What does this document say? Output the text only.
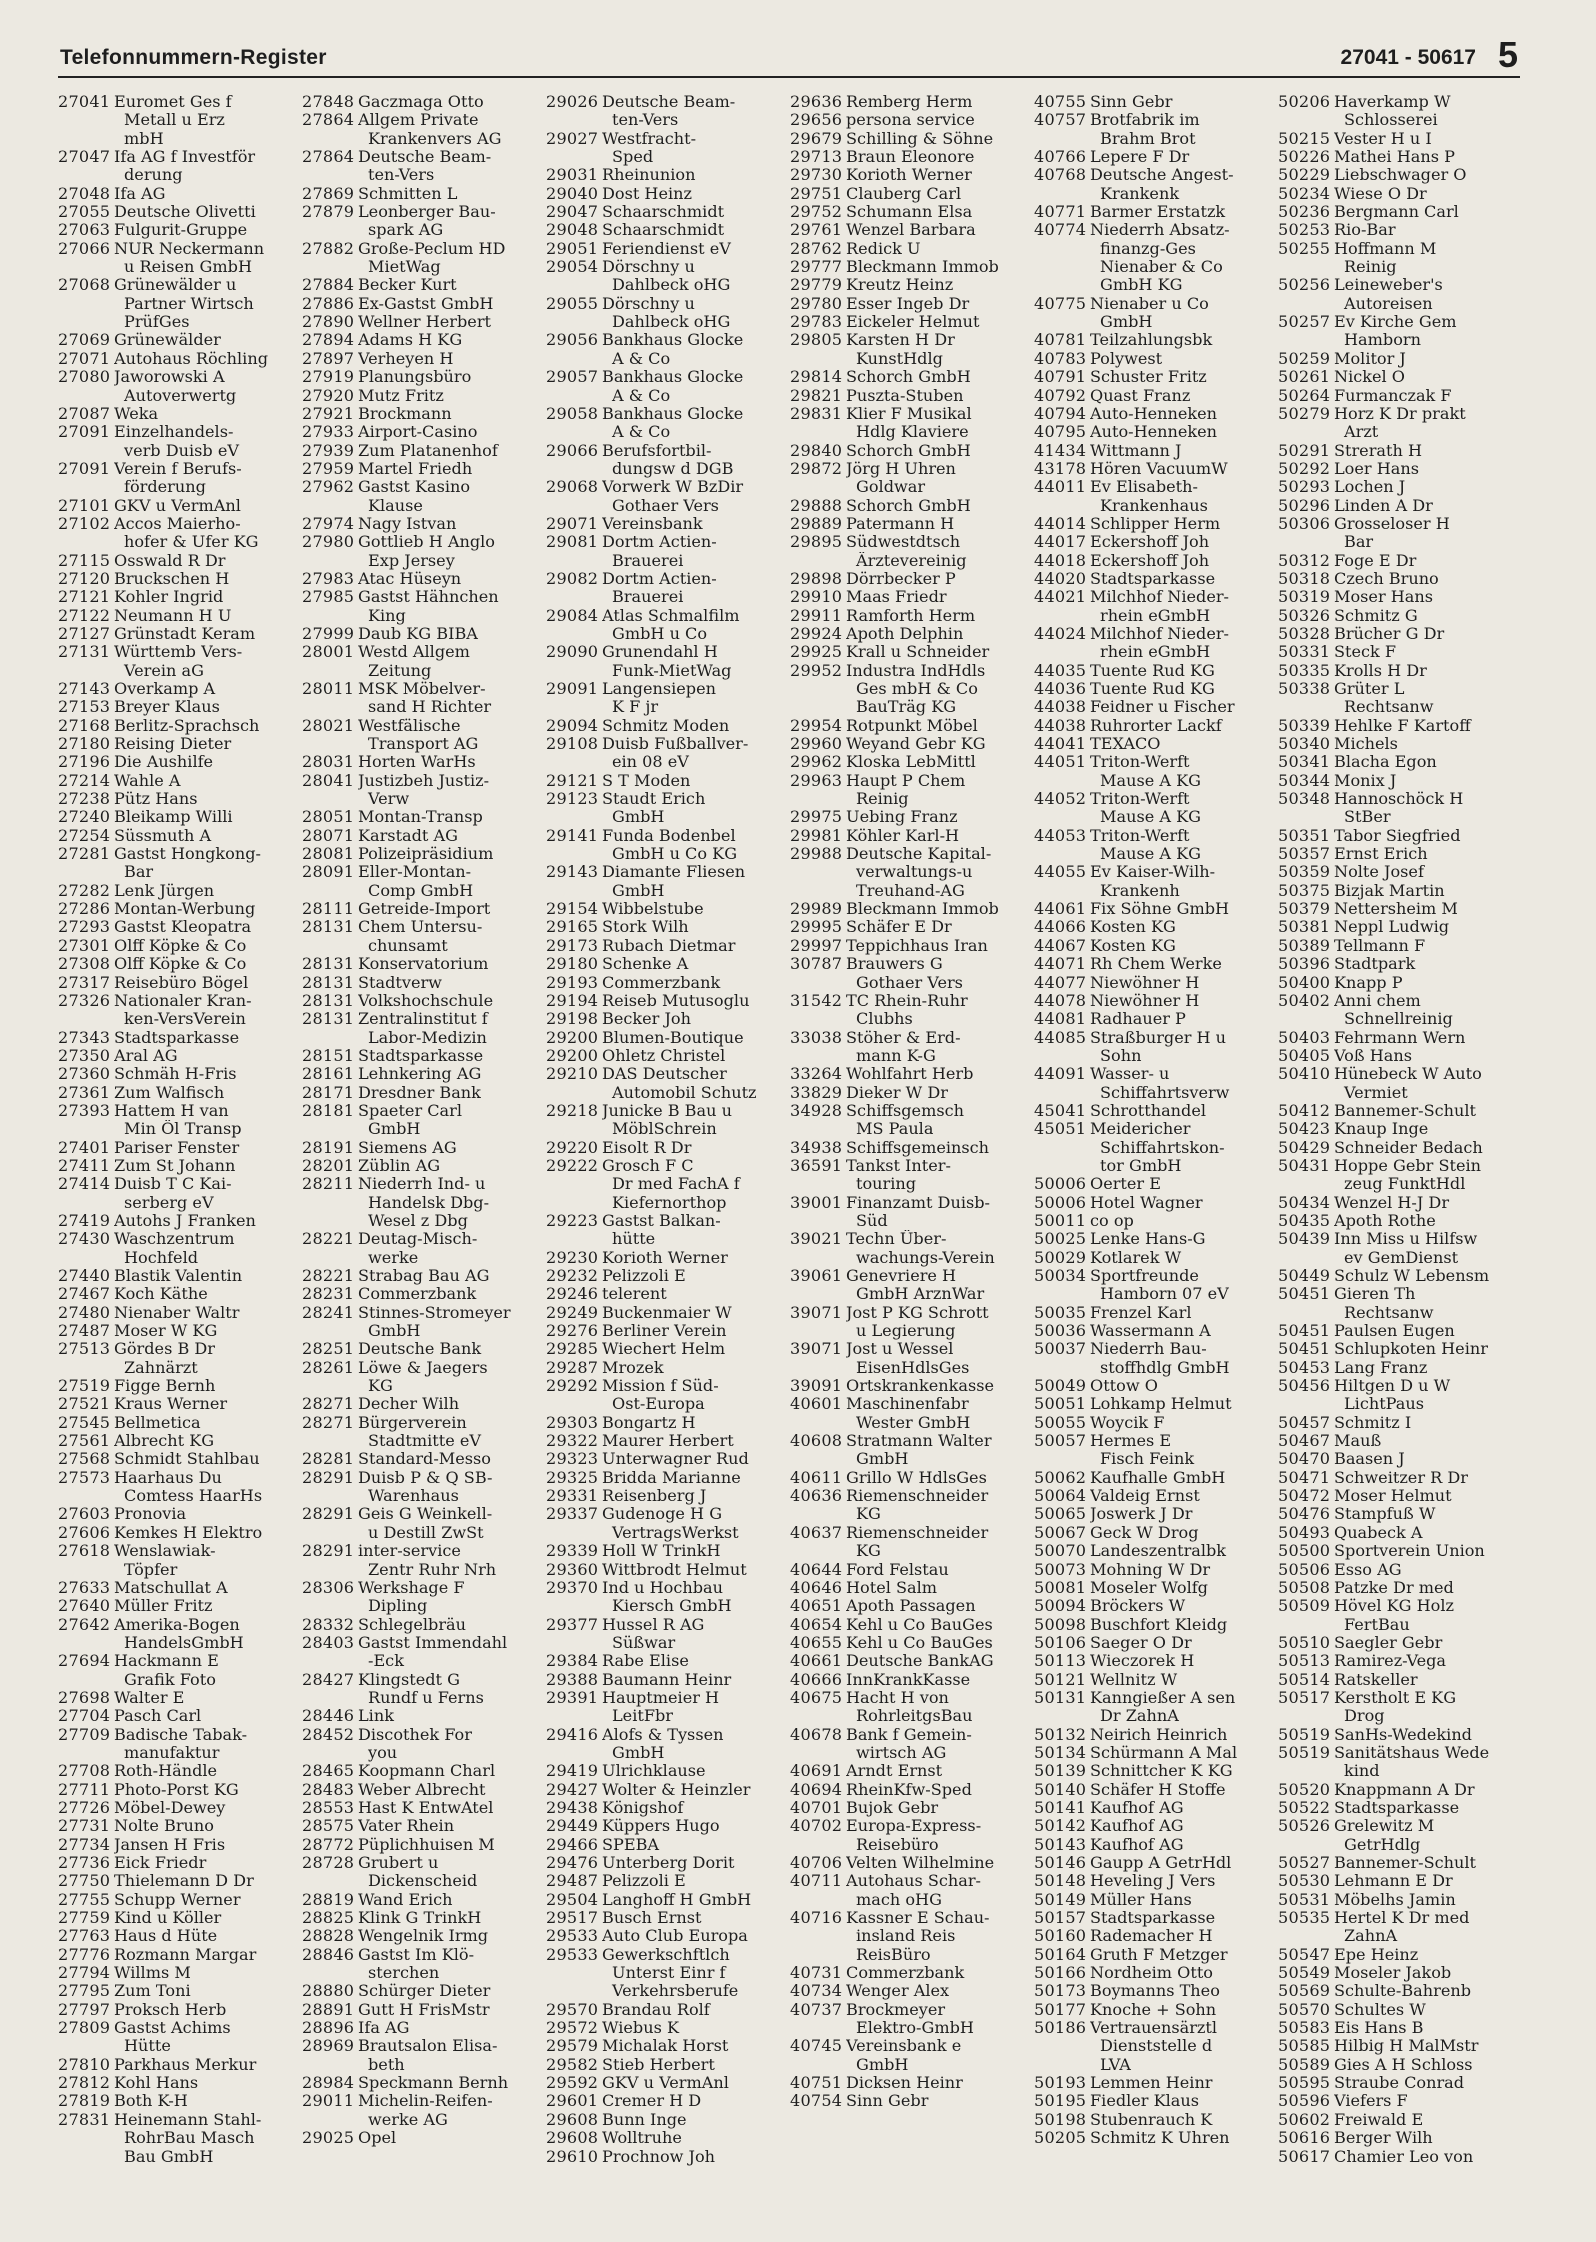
Telefonnummern-Register	27041 - 50617 5
27041 Euromet Ges f
Metall u Erz
mbH
27047 Ifa AG f Investför
derung
27048 Ifa AG
27055 Deutsche Olivetti
27063 Fulgurit-Gruppe
27066 NUR Neckermann
u Reisen GmbH
27068 Grünewälder u
Partner Wirtsch
PrüfGes
27069 Grünewälder
27071 Autohaus Röchling
27080 Jaworowski A
Autoverwertg
27087 Weka
27091 Einzelhandels-
verb Duisb eV
27091 Verein f Berufs-
förderung
27101 GKV u VermAnl
27102 Accos Maierho-
hofer & Ufer KG
27115 Osswald R Dr
27120 Bruckschen H
27121 Kohler Ingrid
27122 Neumann H U
27127 Grünstadt Keram
27131 Württemb Vers-
Verein aG
27143 Overkamp A
27153 Breyer Klaus
27168 Berlitz-Sprachsch
27180 Reising Dieter
27196 Die Aushilfe
27214 Wahle A
27238 Pütz Hans
27240 Bleikamp Willi
27254 Süssmuth A
27281 Gastst Hongkong-
Bar
27282 Lenk Jürgen
27286 Montan-Werbung
27293 Gastst Kleopatra
27301 Olff Köpke & Co
27308 Olff Köpke & Co
27317 Reisebüro Bögel
27326 Nationaler Kran-
ken-VersVerein
27343 Stadtsparkasse
27350 Aral AG
27360 Schmäh H-Fris
27361 Zum Walfisch
27393 Hattem H van
Min Öl Transp
27401 Pariser Fenster
27411 Zum St Johann
27414 Duisb T C Kai-
serberg eV
27419 Autohs J Franken
27430 Waschzentrum
Hochfeld
27440 Blastik Valentin
27467 Koch Käthe
27480 Nienaber Waltr
27487 Moser W KG
27513 Gördes B Dr
Zahnärzt
27519 Figge Bernh
27521 Kraus Werner
27545 Bellmetica
27561 Albrecht KG
27568 Schmidt Stahlbau
27573 Haarhaus Du
Comtess HaarHs
27603 Pronovia
27606 Kemkes H Elektro
27618 Wenslawiak-
Töpfer
27633 Matschullat A
27640 Müller Fritz
27642 Amerika-Bogen
HandelsGmbH
27694 Hackmann E
Grafik Foto
27698 Walter E
27704 Pasch Carl
27709 Badische Tabak-
manufaktur
27708 Roth-Händle
27711 Photo-Porst KG
27726 Möbel-Dewey
27731 Nolte Bruno
27734 Jansen H Fris
27736 Eick Friedr
27750 Thielemann D Dr
27755 Schupp Werner
27759 Kind u Köller
27763 Haus d Hüte
27776 Rozmann Margar
27794 Willms M
27795 Zum Toni
27797 Proksch Herb
27809 Gastst Achims
Hütte
27810 Parkhaus Merkur
27812 Kohl Hans
27819 Both K-H
27831 Heinemann Stahl-
RohrBau Masch
Bau GmbH
27848 Gaczmaga Otto
27864 Allgem Private
Krankenvers AG
27864 Deutsche Beam-
ten-Vers
27869 Schmitten L
27879 Leonberger Bau-
spark AG
27882 Große-Peclum HD
MietWag
27884 Becker Kurt
27886 Ex-Gastst GmbH
27890 Wellner Herbert
27894 Adams H KG
27897 Verheyen H
27919 Planungsbüro
27920 Mutz Fritz
27921 Brockmann
27933 Airport-Casino
27939 Zum Platanenhof
27959 Martel Friedh
27962 Gastst Kasino
Klause
27974 Nagy Istvan
27980 Gottlieb H Anglo
Exp Jersey
27983 Atac Hüseyn
27985 Gastst Hähnchen
King
27999 Daub KG BIBA
28001 Westd Allgem
Zeitung
28011 MSK Möbelver-
sand H Richter
28021 Westfälische
Transport AG
28031 Horten WarHs
28041 Justizbeh Justiz-
Verw
28051 Montan-Transp
28071 Karstadt AG
28081 Polizeipräsidium
28091 Eller-Montan-
Comp GmbH
28111 Getreide-Import
28131 Chem Untersu-
chunsamt
28131 Konservatorium
28131 Stadtverw
28131 Volkshochschule
28131 Zentralinstitut f
Labor-Medizin
28151 Stadtsparkasse
28161 Lehnkering AG
28171 Dresdner Bank
28181 Spaeter Carl
GmbH
28191 Siemens AG
28201 Züblin AG
28211 Niederrh Ind- u
Handelsk Dbg-
Wesel z Dbg
28221 Deutag-Misch-
werke
28221 Strabag Bau AG
28231 Commerzbank
28241 Stinnes-Stromeyer
GmbH
28251 Deutsche Bank
28261 Löwe & Jaegers
KG
28271 Decher Wilh
28271 Bürgerverein
Stadtmitte eV
28281 Standard-Messo
28291 Duisb P & Q SB-
Warenhaus
28291 Geis G Weinkell-
u Destill ZwSt
28291 inter-service
Zentr Ruhr Nrh
28306 Werkshage F
Dipling
28332 Schlegelbräu
28403 Gastst Immendahl
-Eck
28427 Klingstedt G
Rundf u Ferns
28446 Link
28452 Discothek For
you
28465 Koopmann Charl
28483 Weber Albrecht
28553 Hast K EntwAtel
28575 Vater Rhein
28772 Püplichhuisen M
28728 Grubert u
Dickenscheid
28819 Wand Erich
28825 Klink G TrinkH
28828 Wengelnik Irmg
28846 Gastst Im Klö-
sterchen
28880 Schürger Dieter
28891 Gutt H FrisMstr
28896 Ifa AG
28969 Brautsalon Elisa-
beth
28984 Speckmann Bernh
29011 Michelin-Reifen-
werke AG
29025 Opel
29026 Deutsche Beam-
ten-Vers
29027 Westfracht-
Sped
29031 Rheinunion
29040 Dost Heinz
29047 Schaarschmidt
29048 Schaarschmidt
29051 Feriendienst eV
29054 Dörschny u
Dahlbeck oHG
29055 Dörschny u
Dahlbeck oHG
29056 Bankhaus Glocke
A & Co
29057 Bankhaus Glocke
A & Co
29058 Bankhaus Glocke
A & Co
29066 Berufsfortbil-
dungsw d DGB
29068 Vorwerk W BzDir
Gothaer Vers
29071 Vereinsbank
29081 Dortm Actien-
Brauerei
29082 Dortm Actien-
Brauerei
29084 Atlas Schmalfilm
GmbH u Co
29090 Grunendahl H
Funk-MietWag
29091 Langensiepen
K F jr
29094 Schmitz Moden
29108 Duisb Fußballver-
ein 08 eV
29121 S T Moden
29123 Staudt Erich
GmbH
29141 Funda Bodenbel
GmbH u Co KG
29143 Diamante Fliesen
GmbH
29154 Wibbelstube
29165 Stork Wilh
29173 Rubach Dietmar
29180 Schenke A
29193 Commerzbank
29194 Reiseb Mutusoglu
29198 Becker Joh
29200 Blumen-Boutique
29200 Ohletz Christel
29210 DAS Deutscher
Automobil Schutz
29218 Junicke B Bau u
MöblSchrein
29220 Eisolt R Dr
29222 Grosch F C
Dr med FachA f
Kiefernorthop
29223 Gastst Balkan-
hütte
29230 Korioth Werner
29232 Pelizzoli E
29246 telerent
29249 Buckenmaier W
29276 Berliner Verein
29285 Wiechert Helm
29287 Mrozek
29292 Mission f Süd-
Ost-Europa
29303 Bongartz H
29322 Maurer Herbert
29323 Unterwagner Rud
29325 Bridda Marianne
29331 Reisenberg J
29337 Gudenoge H G
VertragsWerkst
29339 Holl W TrinkH
29360 Wittbrodt Helmut
29370 Ind u Hochbau
Kiersch GmbH
29377 Hussel R AG
Süßwar
29384 Rabe Elise
29388 Baumann Heinr
29391 Hauptmeier H
LeitFbr
29416 Alofs & Tyssen
GmbH
29419 Ulrichklause
29427 Wolter & Heinzler
29438 Königshof
29449 Küppers Hugo
29466 SPEBA
29476 Unterberg Dorit
29487 Pelizzoli E
29504 Langhoff H GmbH
29517 Busch Ernst
29533 Auto Club Europa
29533 Gewerkschftlch
Unterst Einr f
Verkehrsberufe
29570 Brandau Rolf
29572 Wiebus K
29579 Michalak Horst
29582 Stieb Herbert
29592 GKV u VermAnl
29601 Cremer H D
29608 Bunn Inge
29608 Wolltruhe
29610 Prochnow Joh
29636 Remberg Herm
29656 persona service
29679 Schilling & Söhne
29713 Braun Eleonore
29730 Korioth Werner
29751 Clauberg Carl
29752 Schumann Elsa
29761 Wenzel Barbara
28762 Redick U
29777 Bleckmann Immob
29779 Kreutz Heinz
29780 Esser Ingeb Dr
29783 Eickeler Helmut
29805 Karsten H Dr
KunstHdlg
29814 Schorch GmbH
29821 Puszta-Stuben
29831 Klier F Musikal
Hdlg Klaviere
29840 Schorch GmbH
29872 Jörg H Uhren
Goldwar
29888 Schorch GmbH
29889 Patermann H
29895 Südwestdtsch
Ärztevereinig
29898 Dörrbecker P
29910 Maas Friedr
29911 Ramforth Herm
29924 Apoth Delphin
29925 Krall u Schneider
29952 Industra IndHdls
Ges mbH & Co
BauTräg KG
29954 Rotpunkt Möbel
29960 Weyand Gebr KG
29962 Kloska LebMittl
29963 Haupt P Chem
Reinig
29975 Uebing Franz
29981 Köhler Karl-H
29988 Deutsche Kapital-
verwaltungs-u
Treuhand-AG
29989 Bleckmann Immob
29995 Schäfer E Dr
29997 Teppichhaus Iran
30787 Brauwers G
Gothaer Vers
31542 TC Rhein-Ruhr
Clubhs
33038 Stöher & Erd-
mann K-G
33264 Wohlfahrt Herb
33829 Dieker W Dr
34928 Schiffsgemsch
MS Paula
34938 Schiffsgemeinsch
36591 Tankst Inter-
touring
39001 Finanzamt Duisb-
Süd
39021 Techn Über-
wachungs-Verein
39061 Genevriere H
GmbH ArznWar
39071 Jost P KG Schrott
u Legierung
39071 Jost u Wessel
EisenHdlsGes
39091 Ortskrankenkasse
40601 Maschinenfabr
Wester GmbH
40608 Stratmann Walter
GmbH
40611 Grillo W HdlsGes
40636 Riemenschneider
KG
40637 Riemenschneider
KG
40644 Ford Felstau
40646 Hotel Salm
40651 Apoth Passagen
40654 Kehl u Co BauGes
40655 Kehl u Co BauGes
40661 Deutsche BankAG
40666 InnKrankKasse
40675 Hacht H von
RohrleitgsBau
40678 Bank f Gemein-
wirtsch AG
40691 Arndt Ernst
40694 RheinKfw-Sped
40701 Bujok Gebr
40702 Europa-Express-
Reisebüro
40706 Velten Wilhelmine
40711 Autohaus Schar-
mach oHG
40716 Kassner E Schau-
insland Reis
ReisBüro
40731 Commerzbank
40734 Wenger Alex
40737 Brockmeyer
Elektro-GmbH
40745 Vereinsbank e
GmbH
40751 Dicksen Heinr
40754 Sinn Gebr
40755 Sinn Gebr
40757 Brotfabrik im
Brahm Brot
40766 Lepere F Dr
40768 Deutsche Angest-
Krankenk
40771 Barmer Erstatzk
40774 Niederrh Absatz-
finanzg-Ges
Nienaber & Co
GmbH KG
40775 Nienaber u Co
GmbH
40781 Teilzahlungsbk
40783 Polywest
40791 Schuster Fritz
40792 Quast Franz
40794 Auto-Henneken
40795 Auto-Henneken
41434 Wittmann J
43178 Hören VacuumW
44011 Ev Elisabeth-
Krankenhaus
44014 Schlipper Herm
44017 Eckershoff Joh
44018 Eckershoff Joh
44020 Stadtsparkasse
44021 Milchhof Nieder-
rhein eGmbH
44024 Milchhof Nieder-
rhein eGmbH
44035 Tuente Rud KG
44036 Tuente Rud KG
44038 Feidner u Fischer
44038 Ruhrorter Lackf
44041 TEXACO
44051 Triton-Werft
Mause A KG
44052 Triton-Werft
Mause A KG
44053 Triton-Werft
Mause A KG
44055 Ev Kaiser-Wilh-
Krankenh
44061 Fix Söhne GmbH
44066 Kosten KG
44067 Kosten KG
44071 Rh Chem Werke
44077 Niewöhner H
44078 Niewöhner H
44081 Radhauer P
44085 Straßburger H u
Sohn
44091 Wasser- u
Schiffahrtsverw
45041 Schrotthandel
45051 Meidericher
Schiffahrtskon-
tor GmbH
50006 Oerter E
50006 Hotel Wagner
50011 co op
50025 Lenke Hans-G
50029 Kotlarek W
50034 Sportfreunde
Hamborn 07 eV
50035 Frenzel Karl
50036 Wassermann A
50037 Niederrh Bau-
stoffhdlg GmbH
50049 Ottow O
50051 Lohkamp Helmut
50055 Woycik F
50057 Hermes E
Fisch Feink
50062 Kaufhalle GmbH
50064 Valdeig Ernst
50065 Joswerk J Dr
50067 Geck W Drog
50070 Landeszentralbk
50073 Mohning W Dr
50081 Moseler Wolfg
50094 Bröckers W
50098 Buschfort Kleidg
50106 Saeger O Dr
50113 Wieczorek H
50121 Wellnitz W
50131 Kanngießer A sen
Dr ZahnA
50132 Neirich Heinrich
50134 Schürmann A Mal
50139 Schnittcher K KG
50140 Schäfer H Stoffe
50141 Kaufhof AG
50142 Kaufhof AG
50143 Kaufhof AG
50146 Gaupp A GetrHdl
50148 Heveling J Vers
50149 Müller Hans
50157 Stadtsparkasse
50160 Rademacher H
50164 Gruth F Metzger
50166 Nordheim Otto
50173 Boymanns Theo
50177 Knoche + Sohn
50186 Vertrauensärztl
Dienststelle d
LVA
50193 Lemmen Heinr
50195 Fiedler Klaus
50198 Stubenrauch K
50205 Schmitz K Uhren
50206 Haverkamp W
Schlosserei
50215 Vester H u I
50226 Mathei Hans P
50229 Liebschwager O
50234 Wiese O Dr
50236 Bergmann Carl
50253 Rio-Bar
50255 Hoffmann M
Reinig
50256 Leineweber's
Autoreisen
50257 Ev Kirche Gem
Hamborn
50259 Molitor J
50261 Nickel O
50264 Furmanczak F
50279 Horz K Dr prakt
Arzt
50291 Strerath H
50292 Loer Hans
50293 Lochen J
50296 Linden A Dr
50306 Grosseloser H
Bar
50312 Foge E Dr
50318 Czech Bruno
50319 Moser Hans
50326 Schmitz G
50328 Brücher G Dr
50331 Steck F
50335 Krolls H Dr
50338 Grüter L
Rechtsanw
50339 Hehlke F Kartoff
50340 Michels
50341 Blacha Egon
50344 Monix J
50348 Hannoschöck H
StBer
50351 Tabor Siegfried
50357 Ernst Erich
50359 Nolte Josef
50375 Bizjak Martin
50379 Nettersheim M
50381 Neppl Ludwig
50389 Tellmann F
50396 Stadtpark
50400 Knapp P
50402 Anni chem
Schnellreinig
50403 Fehrmann Wern
50405 Voß Hans
50410 Hünebeck W Auto
Vermiet
50412 Bannemer-Schult
50423 Knaup Inge
50429 Schneider Bedach
50431 Hoppe Gebr Stein
zeug FunktHdl
50434 Wenzel H-J Dr
50435 Apoth Rothe
50439 Inn Miss u Hilfsw
ev GemDienst
50449 Schulz W Lebensm
50451 Gieren Th
Rechtsanw
50451 Paulsen Eugen
50451 Schlupkoten Heinr
50453 Lang Franz
50456 Hiltgen D u W
LichtPaus
50457 Schmitz I
50467 Mauß
50470 Baasen J
50471 Schweitzer R Dr
50472 Moser Helmut
50476 Stampfuß W
50493 Quabeck A
50500 Sportverein Union
50506 Esso AG
50508 Patzke Dr med
50509 Hövel KG Holz
FertBau
50510 Saegler Gebr
50513 Ramirez-Vega
50514 Ratskeller
50517 Kerstholt E KG
Drog
50519 SanHs-Wedekind
50519 Sanitätshaus Wede
kind
50520 Knappmann A Dr
50522 Stadtsparkasse
50526 Grelewitz M
GetrHdlg
50527 Bannemer-Schult
50530 Lehmann E Dr
50531 Möbelhs Jamin
50535 Hertel K Dr med
ZahnA
50547 Epe Heinz
50549 Moseler Jakob
50569 Schulte-Bahrenb
50570 Schultes W
50583 Eis Hans B
50585 Hilbig H MalMstr
50589 Gies A H Schloss
50595 Straube Conrad
50596 Viefers F
50602 Freiwald E
50616 Berger Wilh
50617 Chamier Leo von
